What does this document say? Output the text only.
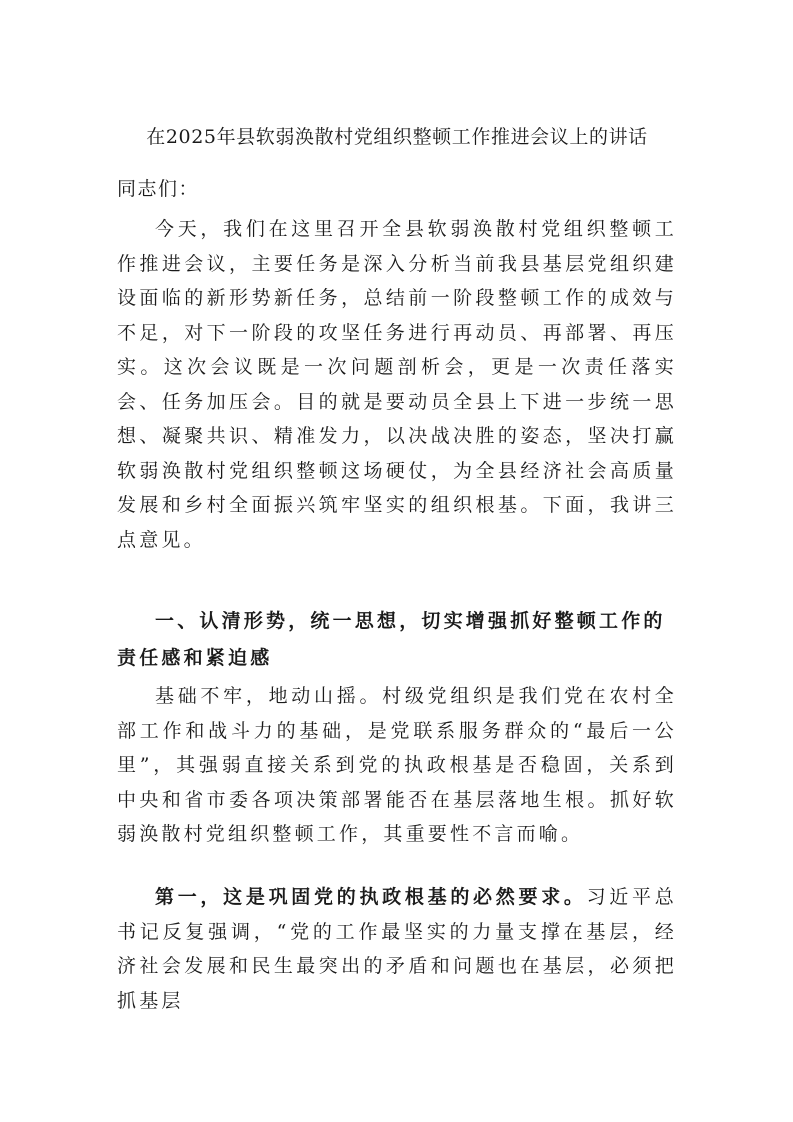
在2025年县软弱涣散村党组织整顿工作推进会议上的讲话
同志们：
今天，我们在这里召开全县软弱涣散村党组织整顿工作推进会议，主要任务是深入分析当前我县基层党组织建设面临的新形势新任务，总结前一阶段整顿工作的成效与不足，对下一阶段的攻坚任务进行再动员、再部署、再压实。这次会议既是一次问题剖析会，更是一次责任落实会、任务加压会。目的就是要动员全县上下进一步统一思想、凝聚共识、精准发力，以决战决胜的姿态，坚决打赢软弱涣散村党组织整顿这场硬仗，为全县经济社会高质量发展和乡村全面振兴筑牢坚实的组织根基。下面，我讲三点意见。
一、认清形势，统一思想，切实增强抓好整顿工作的责任感和紧迫感
基础不牢，地动山摇。村级党组织是我们党在农村全部工作和战斗力的基础，是党联系服务群众的“最后一公里”，其强弱直接关系到党的执政根基是否稳固，关系到中央和省市委各项决策部署能否在基层落地生根。抓好软弱涣散村党组织整顿工作，其重要性不言而喻。
第一，这是巩固党的执政根基的必然要求。习近平总书记反复强调，“党的工作最坚实的力量支撑在基层，经济社会发展和民生最突出的矛盾和问题也在基层，必须把抓基层
